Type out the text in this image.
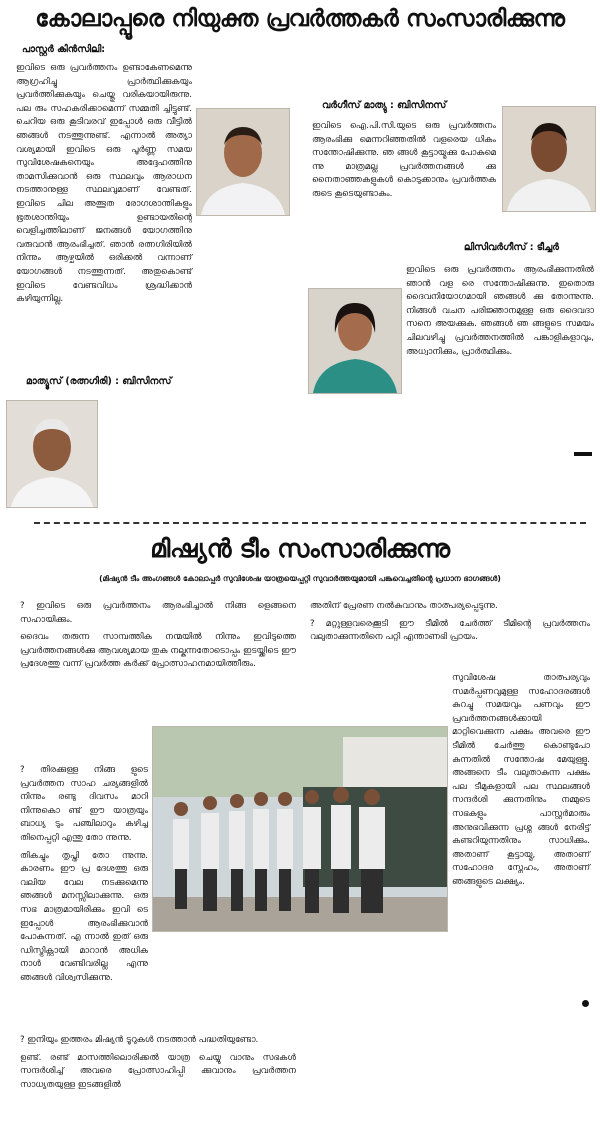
കോലാപ്പൂരെ നിയുക്ത പ്രവർത്തകർ സംസാരിക്കുന്നു
പാസ്റ്റർ കിൻസിലി:

ഇവിടെ ഒരു പ്രവർത്തനം ഉണ്ടാകേണമെന്നു ആഗ്രഹിച്ചു പ്രാർത്ഥിക്കുകയും പ്രവർത്തിക്കുകയും ചെയ്തു വരികയായിരുന്നു. പല രും സഹകരിക്കാമെന്ന് സമ്മതി ച്ചിട്ടുണ്ട്. ചെറിയ ഒരു കൂടിവരവ് ഇപ്പോൾ ഒരു വീട്ടിൽ ഞങ്ങൾ നടത്തുന്നുണ്ട്. എന്നാൽ അത്യാ വശ്യമായി ഇവിടെ ഒരു പൂർണ്ണ സമയ സുവിശേഷകനെയും അദ്ദേഹത്തിനു താമസിക്കുവാൻ ഒരു സ്ഥലവും ആരാധന നടത്താനുള്ള സ്ഥലവുമാണ് വേണ്ടത്. ഇവിടെ ചില അത്ഭുത രോഗശാന്തികളും ഭൂതശാന്തിയും ഉണ്ടായതിന്റെ വെളിച്ചത്തിലാണ് ജനങ്ങൾ യോഗത്തിനു വരുവാൻ ആരംഭിച്ചത്. ഞാൻ രത്നഗിരിയിൽ നിന്നും ആഴ്ചയിൽ ഒരിക്കൽ വന്നാണ് യോഗങ്ങൾ നടത്തുന്നത്. അതുകൊണ്ട് ഇവിടെ വേണ്ടവിധം ശ്രദ്ധിക്കാൻ കഴിയുന്നില്ല.

മാത്യൂസ് (രത്നഗിരി) : ബിസിനസ്
വർഗീസ് മാത്യു : ബിസിനസ്

ഇവിടെ ഐ.പി.സി.യുടെ ഒരു പ്രവർത്തനം ആരംഭിക്കു മെന്നറിഞ്ഞതിൽ വളരെയ ധികം സന്തോഷിക്കുന്നു. ഞ ങ്ങൾ കൂട്ടായ്മക്കു പോകുമെ ന്നു മാത്രമല്ല പ്രവർത്തനങ്ങൾ ക്കു നൈതാഞ്ഞകളുകൾ കൊടുക്കാനും പ്രവർത്തക രുടെ കൂടെയുണ്ടാകും.

ലിസിവർഗീസ് : ടീച്ചർ

ഇവിടെ ഒരു പ്രവർത്തനം ആരംഭിക്കുന്നതിൽ ഞാൻ വള രെ സന്തോഷിക്കുന്നു. ഇതൊരു ദൈവനിയോഗമായി ഞങ്ങൾ ക്കു തോന്നുന്നു. നിങ്ങൾ വചന പരിജ്ഞാനമുള്ള ഒരു ദൈവദാ സനെ അയക്കുക. ഞങ്ങൾ ഞ ങ്ങളുടെ സമയം ചിലവഴിച്ചു പ്രവർത്തനത്തിൽ പങ്കാളികളാവും, അധ്വാനിക്കും, പ്രാർത്ഥിക്കും.

മിഷ്യൻ ടീം സംസാരിക്കുന്നു
(മിഷ്യൻ ടീം അംഗങ്ങൾ കോലാപ്പൂർ സുവിശേഷ യാത്രയെപ്പറ്റി സുവാർത്തയുമായി പങ്കുവെച്ചതിന്റെ പ്രധാന ഭാഗങ്ങൾ)

? ഇവിടെ ഒരു പ്രവർത്തനം ആരംഭിച്ചാൽ നിങ്ങ ളെങ്ങനെ സഹായിക്കും.

ദൈവം തരുന്ന സാമ്പത്തിക നന്മയിൽ നിന്നും ഇവിടുത്തെ പ്രവർത്തനങ്ങൾക്കു ആവശ്യമായ തുക നല്കുന്നതോടൊപ്പം ഇടയ്ക്കിടെ ഈ പ്രദേശത്തു വന്ന് പ്രവർത്ത കർക്ക് പ്രോത്സാഹനമായിത്തീരും.

? തിരക്കുള്ള നിങ്ങ ളുടെ പ്രവർത്തന സാഹ ചര്യങ്ങളിൽ നിന്നും രണ്ടു ദിവസം മാറി നിന്നുകൊ ണ്ട് ഈ യാത്രയും ബാധ്യ ടും പഞ്ചിലാറും കഴിച്ച തിനെപ്പറ്റി എന്തു തോ ന്നുന്നു.

തികച്ചും തൃപ്തി തോ ന്നുന്നു. കാരണം ഈ പ്ര ദേശത്തു ഒരു വലിയ വേല നടക്കുമെന്നു ഞങ്ങൾ മനസ്സിലാക്കുന്നു. ഒരു സഭ മാത്രമായിരിക്കും ഇവി ടെ ഇപ്പോൾ ആരംഭിക്കുവാൻ പോകുന്നത്. എ ന്നാൽ ഇത് ഒരു ഡിസ്ട്രിക്റ്റായി മാറാൻ അധിക നാൾ വേണ്ടിവരില്ല എന്നു ഞങ്ങൾ വിശ്വസിക്കുന്നു.

? ഇനിയും ഇത്തരം മിഷ്യൻ ടൂറുകൾ നടത്താൻ പദ്ധതിയുണ്ടോ.

ഉണ്ട്. രണ്ട് മാസത്തിലൊരിക്കൽ യാത്ര ചെയ്യു വാനും സഭകൾ സന്ദർശിച്ച് അവരെ പ്രോത്സാഹിപ്പി ക്കുവാനും പ്രവർത്തന സാധ്യതയുള്ള ഇടങ്ങളിൽ

അതിന് പ്രേരണ നൽകുവാനും താത്പര്യപ്പെടുന്നു.

? മറ്റുള്ളവരെക്കൂടി ഈ ടീമിൽ ചേർത്ത് ടീമിന്റെ പ്രവർത്തനം വലുതാക്കുന്നതിനെ പറ്റി എന്താണഭി പ്രായം.

സുവിശേഷ താത്പര്യവും സമർപ്പണവുമുള്ള സഹോദരങ്ങൾ കുറച്ചു സമയവും പണവും ഈ പ്രവർത്തനങ്ങൾക്കായി മാറ്റിവെക്കുന്ന പക്ഷം അവരെ ഈ ടീമിൽ ചേർത്തു കൊണ്ടുപോ കുന്നതിൽ സന്തോഷ മേയുള്ളു. അങ്ങനെ ടീം വലുതാകുന്ന പക്ഷം പല ടീമുകളായി പല സ്ഥലങ്ങൾ സന്ദർശി ക്കുന്നതിനും നമ്മുടെ സഭകളും പാസ്റ്റർമാരും അനുഭവിക്കുന്ന പ്രശ്ന ങ്ങൾ നേരിട്ട് കണ്ടറിയുന്നതിനും സാധിക്കും. അതാണ് കൂട്ടായ്മ, അതാണ് സഹോദര സ്നേഹം, അതാണ് ഞങ്ങളുടെ ലക്ഷ്യം.
